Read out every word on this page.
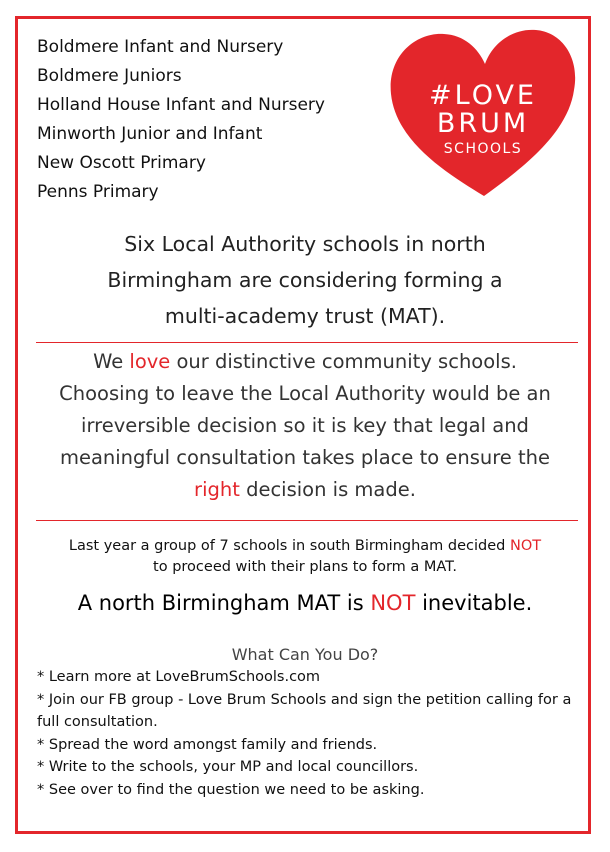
Boldmere Infant and Nursery
Boldmere Juniors
Holland House Infant and Nursery
Minworth Junior and Infant
New Oscott Primary
Penns Primary
#LOVE
BRUM
SCHOOLS

Six Local Authority schools in north
Birmingham are considering forming a
multi-academy trust (MAT).

We love our distinctive community schools.
Choosing to leave the Local Authority would be an
irreversible decision so it is key that legal and
meaningful consultation takes place to ensure the
right decision is made.

Last year a group of 7 schools in south Birmingham decided NOT
to proceed with their plans to form a MAT.

A north Birmingham MAT is NOT inevitable.

What Can You Do?

* Learn more at LoveBrumSchools.com
* Join our FB group - Love Brum Schools and sign the petition calling for a full consultation.
* Spread the word amongst family and friends.
* Write to the schools, your MP and local councillors.
* See over to find the question we need to be asking.
